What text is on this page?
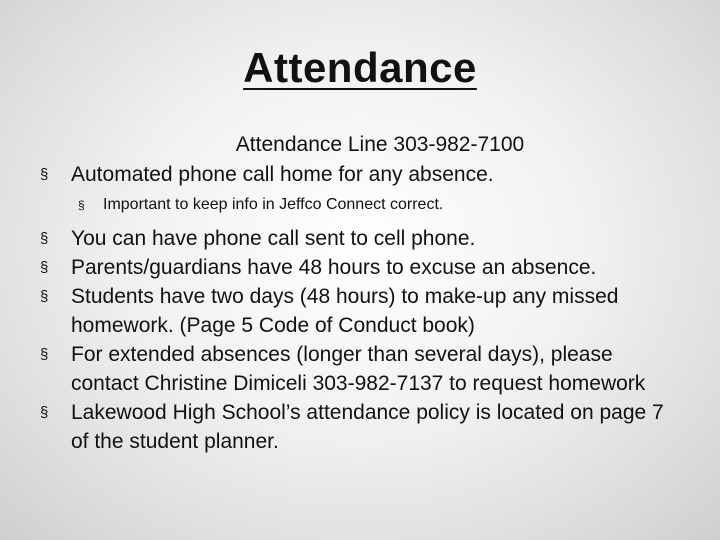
Attendance

Attendance Line 303-982-7100

§	Automated phone call home for any absence.
§	Important to keep info in Jeffco Connect correct.
§	You can have phone call sent to cell phone.
§	Parents/guardians have 48 hours to excuse an absence.
§	Students have two days (48 hours) to make-up any missed homework. (Page 5 Code of Conduct book)
§	For extended absences (longer than several days), please contact Christine Dimiceli 303-982-7137 to request homework
§	Lakewood High School’s attendance policy is located on page 7 of the student planner.
